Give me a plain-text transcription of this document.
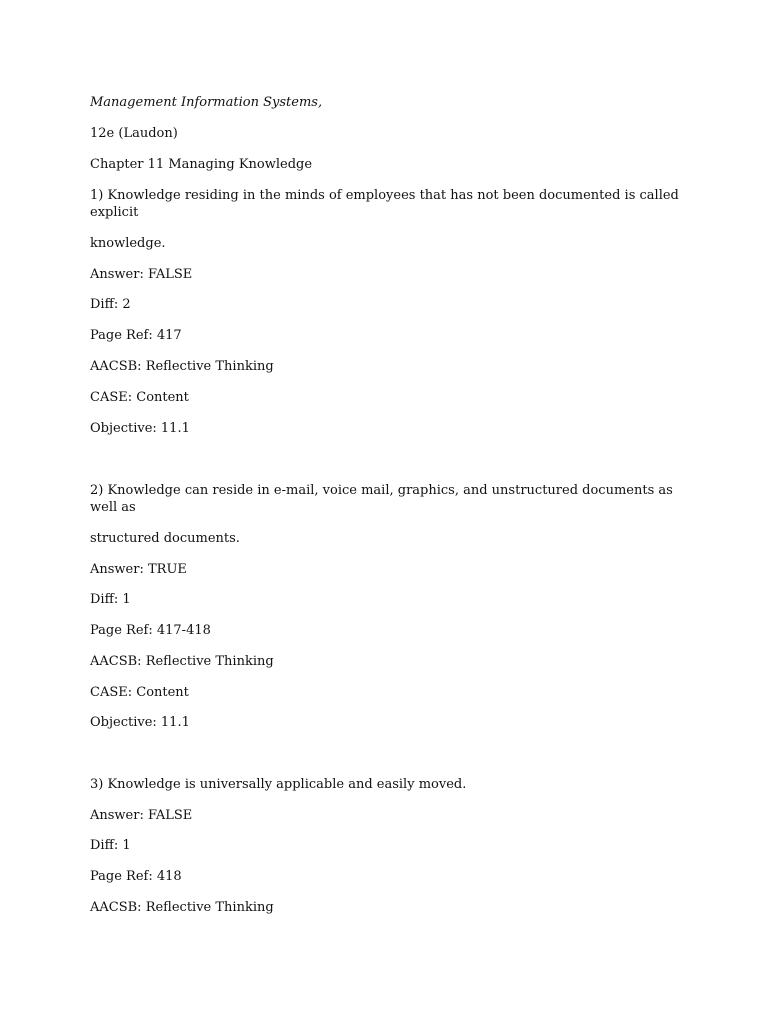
Management Information Systems,
12e (Laudon)
Chapter 11 Managing Knowledge
1) Knowledge residing in the minds of employees that has not been documented is called
explicit
knowledge.
Answer: FALSE
Diff: 2
Page Ref: 417
AACSB: Reflective Thinking
CASE: Content
Objective: 11.1
2) Knowledge can reside in e-mail, voice mail, graphics, and unstructured documents as
well as
structured documents.
Answer: TRUE
Diff: 1
Page Ref: 417-418
AACSB: Reflective Thinking
CASE: Content
Objective: 11.1
3) Knowledge is universally applicable and easily moved.
Answer: FALSE
Diff: 1
Page Ref: 418
AACSB: Reflective Thinking
